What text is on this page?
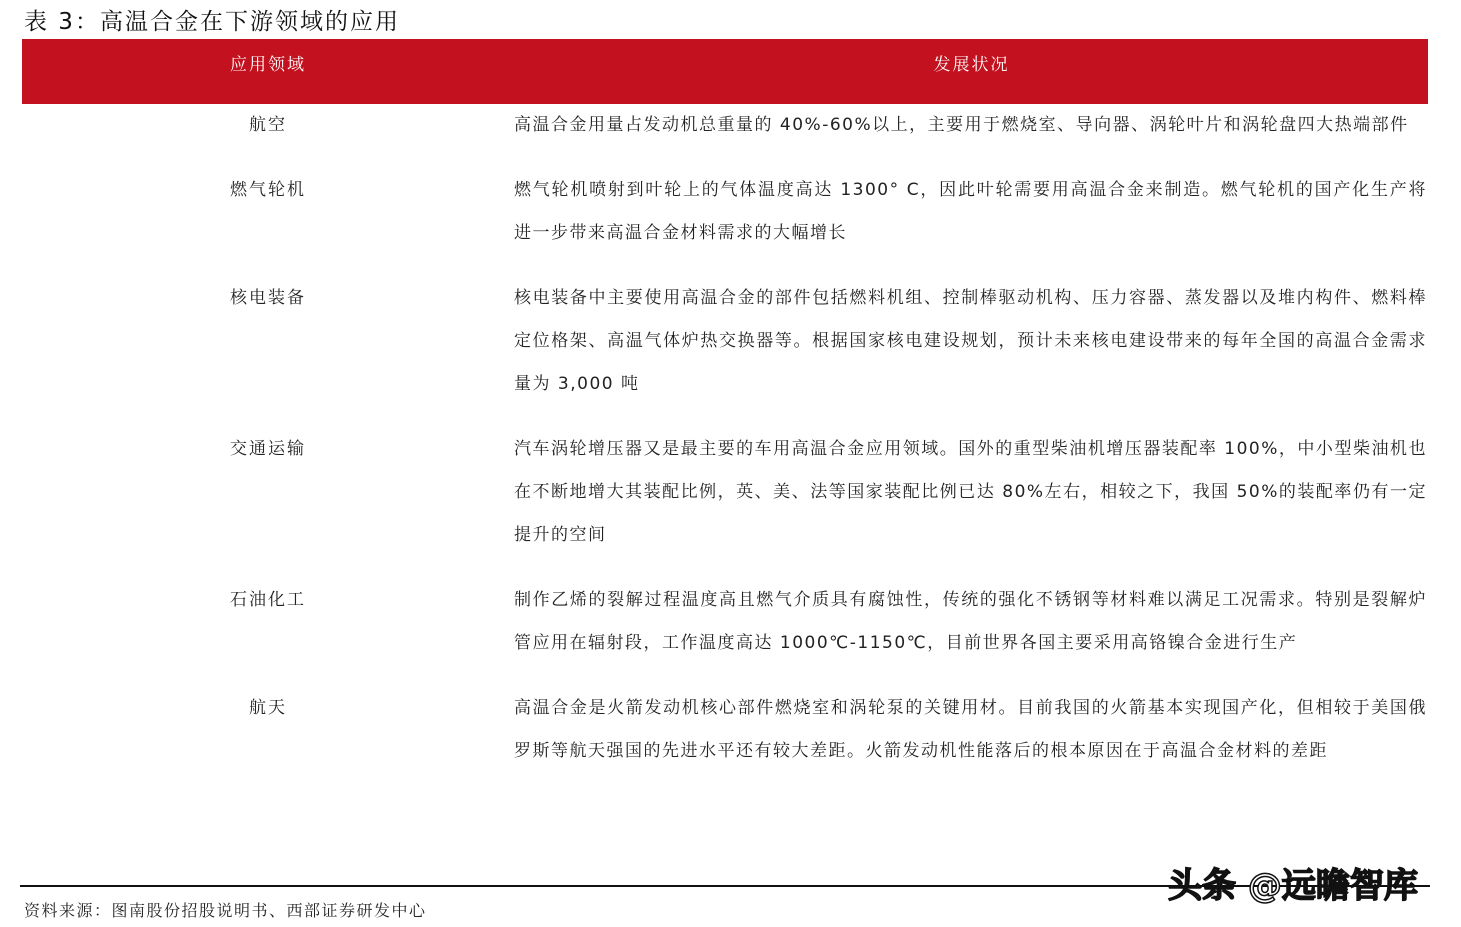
表 3：高温合金在下游领域的应用
应用领域	发展状况
航空	高温合金用量占发动机总重量的 40%-60%以上，主要用于燃烧室、导向器、涡轮叶片和涡轮盘四大热端部件
燃气轮机	燃气轮机喷射到叶轮上的气体温度高达 1300° C，因此叶轮需要用高温合金来制造。燃气轮机的国产化生产将进一步带来高温合金材料需求的大幅增长
核电装备	核电装备中主要使用高温合金的部件包括燃料机组、控制棒驱动机构、压力容器、蒸发器以及堆内构件、燃料棒定位格架、高温气体炉热交换器等。根据国家核电建设规划，预计未来核电建设带来的每年全国的高温合金需求量为 3,000 吨
交通运输	汽车涡轮增压器又是最主要的车用高温合金应用领域。国外的重型柴油机增压器装配率 100%，中小型柴油机也在不断地增大其装配比例，英、美、法等国家装配比例已达 80%左右，相较之下，我国 50%的装配率仍有一定提升的空间
石油化工	制作乙烯的裂解过程温度高且燃气介质具有腐蚀性，传统的强化不锈钢等材料难以满足工况需求。特别是裂解炉管应用在辐射段，工作温度高达 1000℃-1150℃，目前世界各国主要采用高铬镍合金进行生产
航天	高温合金是火箭发动机核心部件燃烧室和涡轮泵的关键用材。目前我国的火箭基本实现国产化，但相较于美国俄罗斯等航天强国的先进水平还有较大差距。火箭发动机性能落后的根本原因在于高温合金材料的差距
头条 @远瞻智库
资料来源：图南股份招股说明书、西部证券研发中心
